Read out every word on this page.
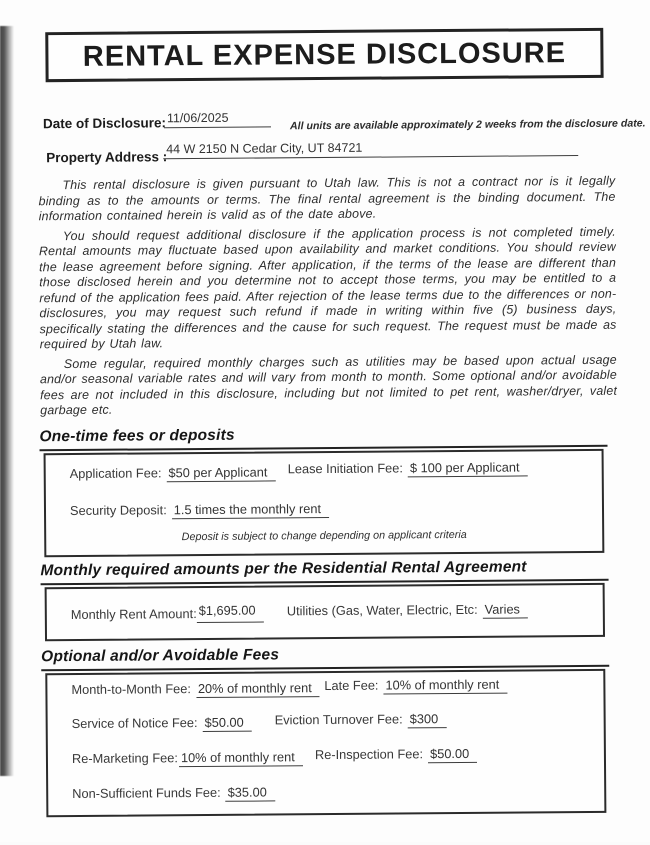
RENTAL EXPENSE DISCLOSURE
Date of Disclosure: 11/06/2025	All units are available approximately 2 weeks from the disclosure date.
Property Address :
44 W 2150 N Cedar City, UT 84721

This rental disclosure is given pursuant to Utah law. This is not a contract nor is it legally binding as to the amounts or terms. The final rental agreement is the binding document. The information contained herein is valid as of the date above.

You should request additional disclosure if the application process is not completed timely. Rental amounts may fluctuate based upon availability and market conditions. You should review the lease agreement before signing. After application, if the terms of the lease are different than those disclosed herein and you determine not to accept those terms, you may be entitled to a refund of the application fees paid. After rejection of the lease terms due to the differences or non-disclosures, you may request such refund if made in writing within five (5) business days, specifically stating the differences and the cause for such request. The request must be made as required by Utah law.

Some regular, required monthly charges such as utilities may be based upon actual usage and/or seasonal variable rates and will vary from month to month. Some optional and/or avoidable fees are not included in this disclosure, including but not limited to pet rent, washer/dryer, valet garbage etc.

One-time fees or deposits
Application Fee: $50 per Applicant	Lease Initiation Fee: $ 100 per Applicant
Security Deposit: 1.5 times the monthly rent
Deposit is subject to change depending on applicant criteria
Monthly required amounts per the Residential Rental Agreement
Monthly Rent Amount: $1,695.00	Utilities (Gas, Water, Electric, Etc: Varies
Optional and/or Avoidable Fees
Month-to-Month Fee: 20% of monthly rent Late Fee: 10% of monthly rent
Service of Notice Fee: $50.00	Eviction Turnover Fee: $300
Re-Marketing Fee: 10% of monthly rent	Re-Inspection Fee: $50.00
Non-Sufficient Funds Fee: $35.00
